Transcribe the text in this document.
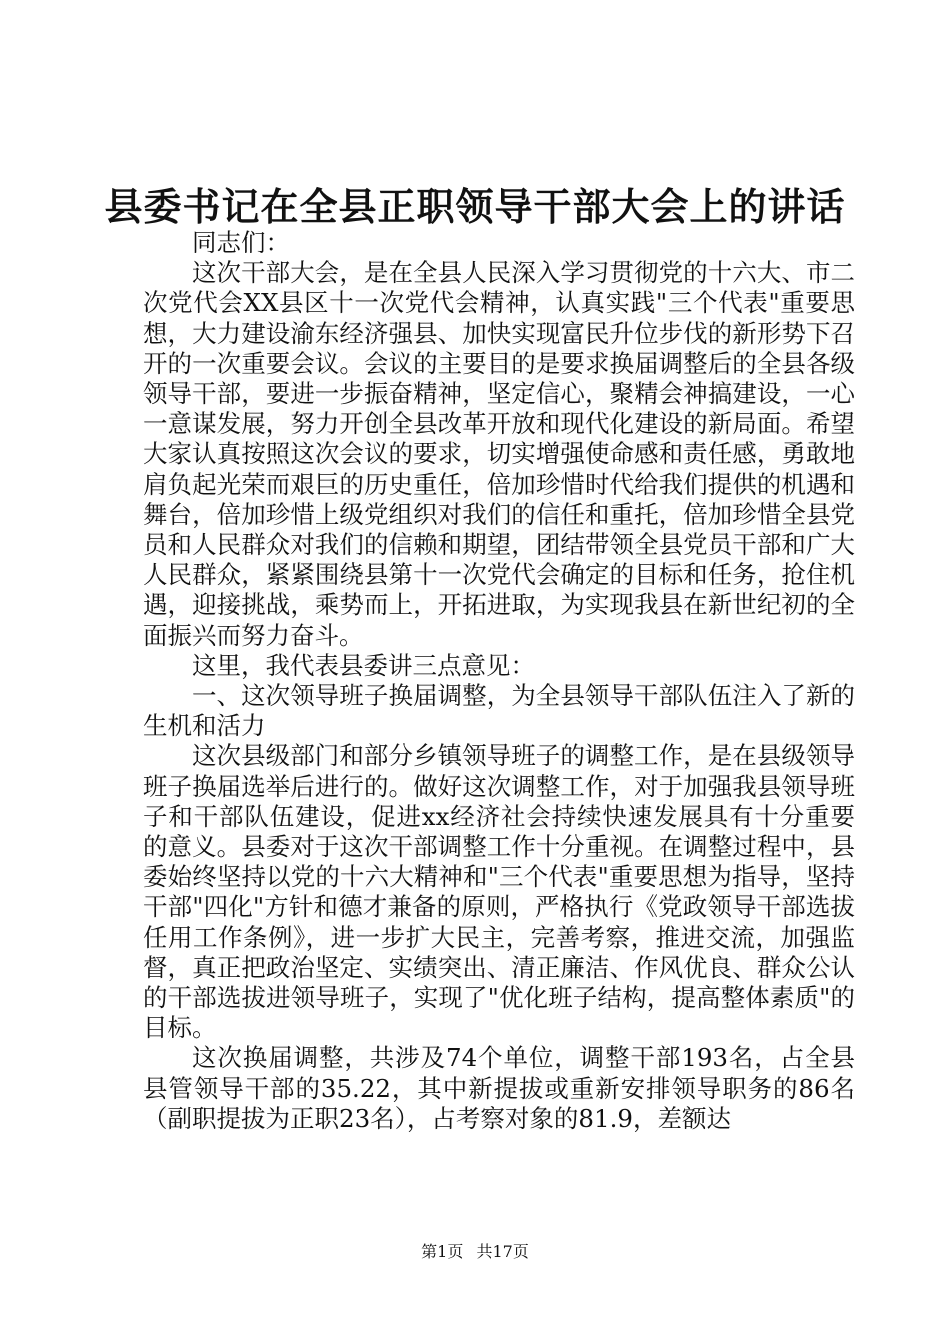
县委书记在全县正职领导干部大会上的讲话

同志们：

这次干部大会，是在全县人民深入学习贯彻党的十六大、市二次党代会XX县区十一次党代会精神，认真实践"三个代表"重要思想，大力建设渝东经济强县、加快实现富民升位步伐的新形势下召开的一次重要会议。会议的主要目的是要求换届调整后的全县各级领导干部，要进一步振奋精神，坚定信心，聚精会神搞建设，一心一意谋发展，努力开创全县改革开放和现代化建设的新局面。希望大家认真按照这次会议的要求，切实增强使命感和责任感，勇敢地肩负起光荣而艰巨的历史重任，倍加珍惜时代给我们提供的机遇和舞台，倍加珍惜上级党组织对我们的信任和重托，倍加珍惜全县党员和人民群众对我们的信赖和期望，团结带领全县党员干部和广大人民群众，紧紧围绕县第十一次党代会确定的目标和任务，抢住机遇，迎接挑战，乘势而上，开拓进取，为实现我县在新世纪初的全面振兴而努力奋斗。

这里，我代表县委讲三点意见：

一、这次领导班子换届调整，为全县领导干部队伍注入了新的生机和活力

这次县级部门和部分乡镇领导班子的调整工作，是在县级领导班子换届选举后进行的。做好这次调整工作，对于加强我县领导班子和干部队伍建设，促进xx经济社会持续快速发展具有十分重要的意义。县委对于这次干部调整工作十分重视。在调整过程中，县委始终坚持以党的十六大精神和"三个代表"重要思想为指导，坚持干部"四化"方针和德才兼备的原则，严格执行《党政领导干部选拔任用工作条例》，进一步扩大民主，完善考察，推进交流，加强监督，真正把政治坚定、实绩突出、清正廉洁、作风优良、群众公认的干部选拔进领导班子，实现了"优化班子结构，提高整体素质"的目标。

这次换届调整，共涉及74个单位，调整干部193名，占全县县管领导干部的35.22，其中新提拔或重新安排领导职务的86名（副职提拔为正职23名），占考察对象的81.9，差额达

第1页 共17页
